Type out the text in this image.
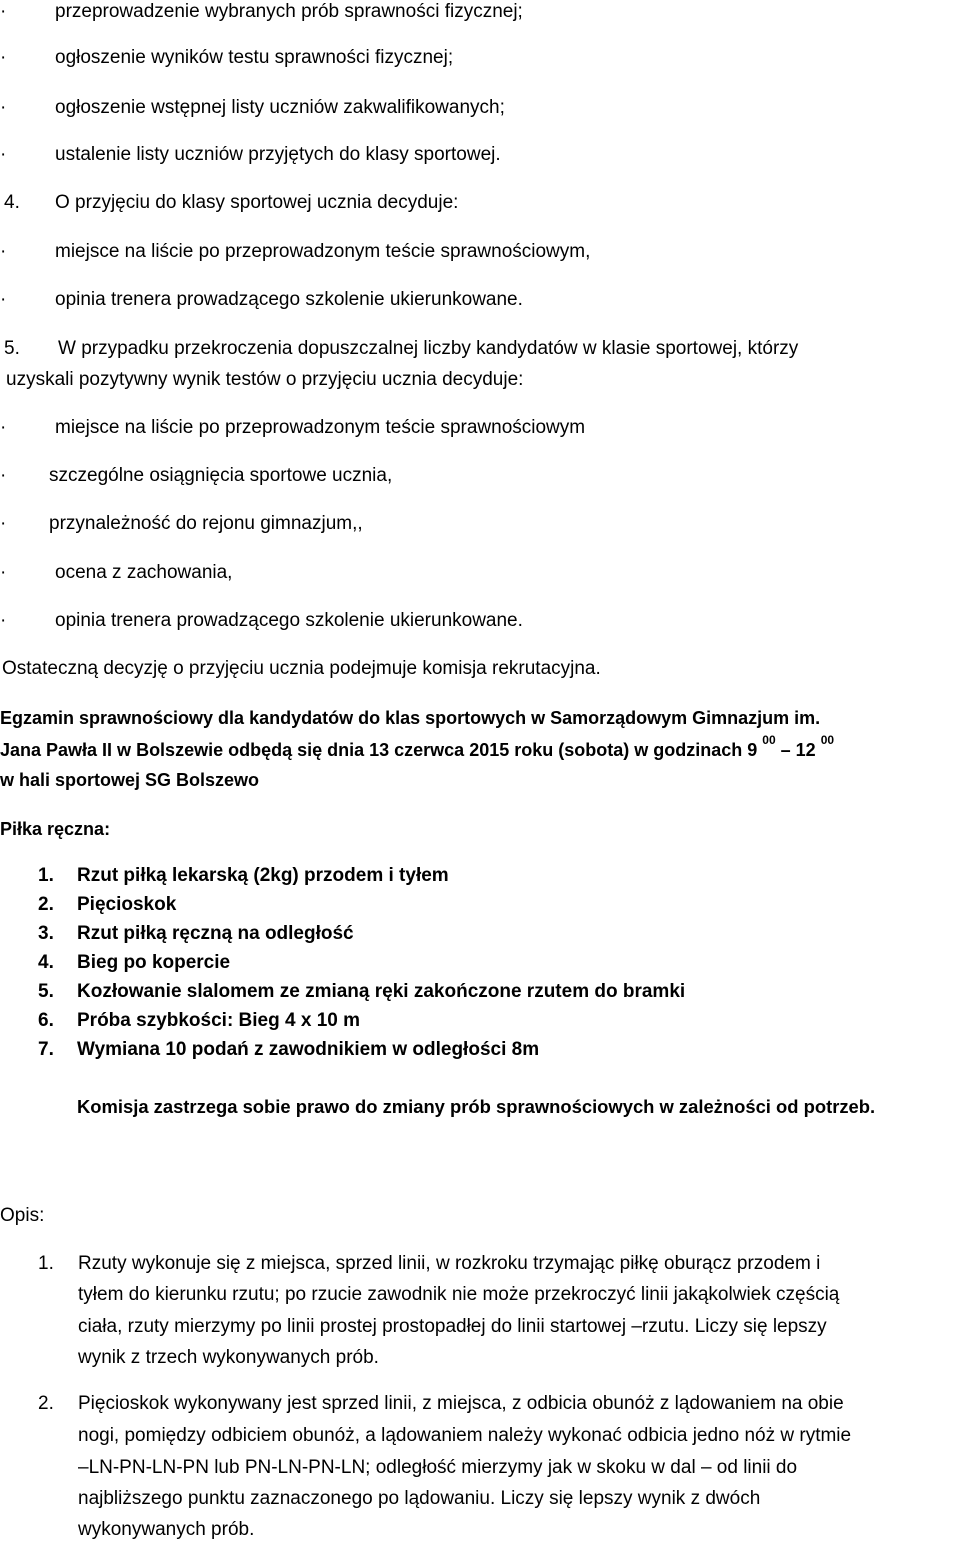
·	przeprowadzenie wybranych prób sprawności fizycznej;
·	ogłoszenie wyników testu sprawności fizycznej;
·	ogłoszenie wstępnej listy uczniów zakwalifikowanych;
·	ustalenie listy uczniów przyjętych do klasy sportowej.
4. O przyjęciu do klasy sportowej ucznia decyduje:
·	miejsce na liście po przeprowadzonym teście sprawnościowym,
·	opinia trenera prowadzącego szkolenie ukierunkowane.
5. W przypadku przekroczenia dopuszczalnej liczby kandydatów w klasie sportowej, którzy
uzyskali pozytywny wynik testów o przyjęciu ucznia decyduje:
·	miejsce na liście po przeprowadzonym teście sprawnościowym
· szczególne osiągnięcia sportowe ucznia,
· przynależność do rejonu gimnazjum,,
·	ocena z zachowania,
·	opinia trenera prowadzącego szkolenie ukierunkowane.
Ostateczną decyzję o przyjęciu ucznia podejmuje komisja rekrutacyjna.
Egzamin sprawnościowy dla kandydatów do klas sportowych w Samorządowym Gimnazjum im.
Jana Pawła II w Bolszewie odbędą się dnia 13 czerwca 2015 roku (sobota) w godzinach 9 $^{00}$ – 12 $^{00}$
w hali sportowej SG Bolszewo
Piłka ręczna:
1. Rzut piłką lekarską (2kg) przodem i tyłem
2. Pięcioskok
3. Rzut piłką ręczną na odległość
4. Bieg po kopercie
5. Kozłowanie slalomem ze zmianą ręki zakończone rzutem do bramki
6. Próba szybkości: Bieg 4 x 10 m
7. Wymiana 10 podań z zawodnikiem w odległości 8m
Komisja zastrzega sobie prawo do zmiany prób sprawnościowych w zależności od potrzeb.
Opis:
1. Rzuty wykonuje się z miejsca, sprzed linii, w rozkroku trzymając piłkę oburącz przodem i
tyłem do kierunku rzutu; po rzucie zawodnik nie może przekroczyć linii jakąkolwiek częścią
ciała, rzuty mierzymy po linii prostej prostopadłej do linii startowej –rzutu. Liczy się lepszy
wynik z trzech wykonywanych prób.
2. Pięcioskok wykonywany jest sprzed linii, z miejsca, z odbicia obunóż z lądowaniem na obie
nogi, pomiędzy odbiciem obunóż, a lądowaniem należy wykonać odbicia jedno nóż w rytmie
–LN-PN-LN-PN lub PN-LN-PN-LN; odległość mierzymy jak w skoku w dal – od linii do
najbliższego punktu zaznaczonego po lądowaniu. Liczy się lepszy wynik z dwóch
wykonywanych prób.
